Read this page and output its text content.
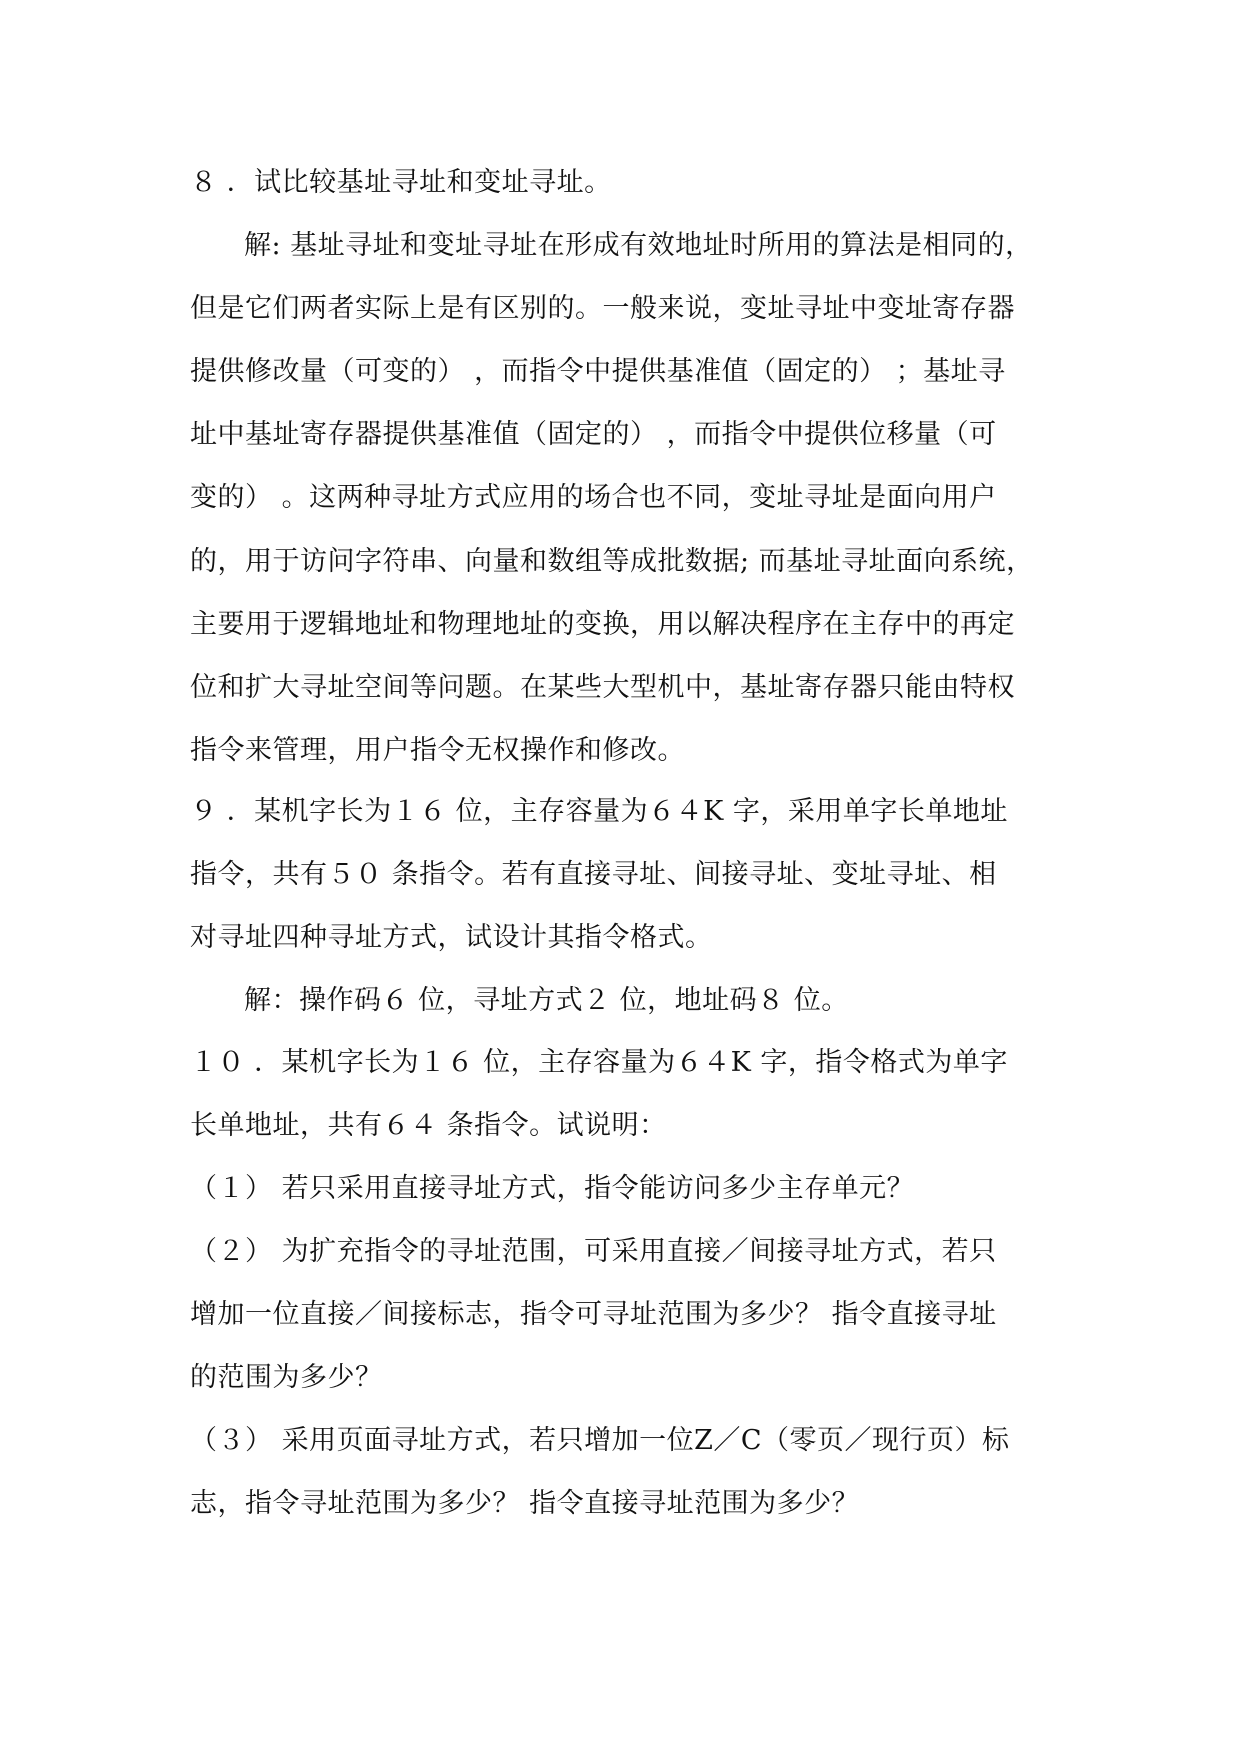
８ ．试比较基址寻址和变址寻址。
解: 基址寻址和变址寻址在形成有效地址时所用的算法是相同的，
但是它们两者实际上是有区别的。一般来说，变址寻址中变址寄存器
提供修改量（可变的） ，而指令中提供基准值（固定的） ；基址寻
址中基址寄存器提供基准值（固定的） ，而指令中提供位移量（可
变的） 。这两种寻址方式应用的场合也不同，变址寻址是面向用户
的，用于访问字符串、向量和数组等成批数据; 而基址寻址面向系统，
主要用于逻辑地址和物理地址的变换，用以解决程序在主存中的再定
位和扩大寻址空间等问题。在某些大型机中，基址寄存器只能由特权
指令来管理，用户指令无权操作和修改。
９ ．某机字长为１６ 位，主存容量为６４K 字，采用单字长单地址
指令，共有５０ 条指令。若有直接寻址、间接寻址、变址寻址、相
对寻址四种寻址方式，试设计其指令格式。
解：操作码６ 位，寻址方式２ 位，地址码８ 位。
１０ ．某机字长为１６ 位，主存容量为６４K 字，指令格式为单字
长单地址，共有６４ 条指令。试说明：
（１） 若只采用直接寻址方式，指令能访问多少主存单元？
（２） 为扩充指令的寻址范围，可采用直接／间接寻址方式，若只
增加一位直接／间接标志，指令可寻址范围为多少？ 指令直接寻址
的范围为多少？
（３） 采用页面寻址方式，若只增加一位Z／C（零页／现行页）标
志，指令寻址范围为多少？ 指令直接寻址范围为多少？
